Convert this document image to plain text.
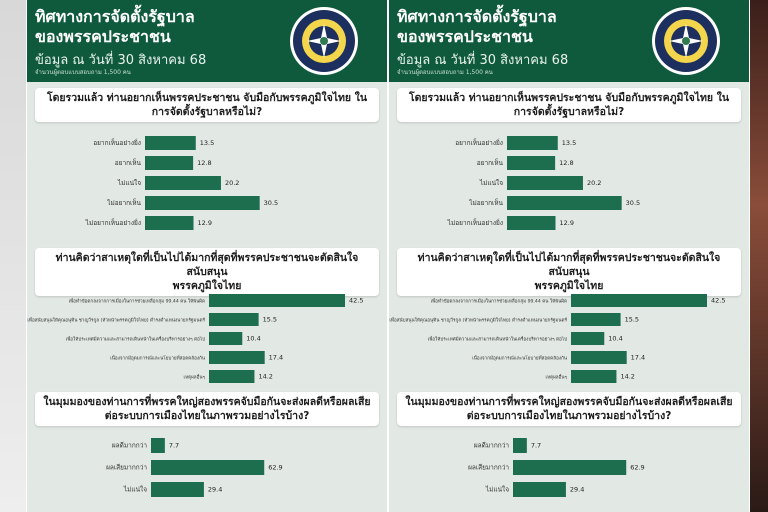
ทิศทางการจัดตั้งรัฐบาล
ของพรรคประชาชน
ข้อมูล ณ วันที่ 30 สิงหาคม 68
จำนวนผู้ตอบแบบสอบถาม 1,500 คน
โดยรวมแล้ว ท่านอยากเห็นพรรคประชาชน จับมือกับพรรคภูมิใจไทย ใน
การจัดตั้งรัฐบาลหรือไม่?
อยากเห็นอย่างยิ่ง	13.5
อยากเห็น	12.8
ไม่แน่ใจ	20.2
ไม่อยากเห็น	30.5
ไม่อยากเห็นอย่างยิ่ง	12.9
ท่านคิดว่าสาเหตุใดที่เป็นไปได้มากที่สุดที่พรรคประชาชนจะตัดสินใจสนับสนุน
พรรคภูมิใจไทย
เพื่อทำข้อตกลงจากการเมืองในการช่วยเหลือกลุ่ม 99.44 คน ให้พ้นผิด	42.5
เพื่อสนับสนุนให้คุณอนุทิน ชาญวีรกูล (หัวหน้าพรรคภูมิใจไทย) ดำรงตำแหน่งนายกรัฐมนตรี	15.5
เพื่อให้ประเทศมีความและสามารถเดินหน้าในเครื่องบริหารอย่างๆ ต่อไป	10.4
เนื่องจากมีอุดมการณ์และนโยบายที่สอดคล้องกัน	17.4
เหตุผลอื่นๆ	14.2
ในมุมมองของท่านการที่พรรคใหญ่สองพรรคจับมือกันจะส่งผลดีหรือผลเสีย
ต่อระบบการเมืองไทยในภาพรวมอย่างไรบ้าง?
ผลดีมากกว่า	7.7
ผลเสียมากกว่า	62.9
ไม่แน่ใจ	29.4
ทิศทางการจัดตั้งรัฐบาล
ของพรรคประชาชน
ข้อมูล ณ วันที่ 30 สิงหาคม 68
จำนวนผู้ตอบแบบสอบถาม 1,500 คน
โดยรวมแล้ว ท่านอยากเห็นพรรคประชาชน จับมือกับพรรคภูมิใจไทย ใน
การจัดตั้งรัฐบาลหรือไม่?
อยากเห็นอย่างยิ่ง	13.5
อยากเห็น	12.8
ไม่แน่ใจ	20.2
ไม่อยากเห็น	30.5
ไม่อยากเห็นอย่างยิ่ง	12.9
ท่านคิดว่าสาเหตุใดที่เป็นไปได้มากที่สุดที่พรรคประชาชนจะตัดสินใจสนับสนุน
พรรคภูมิใจไทย
เพื่อทำข้อตกลงจากการเมืองในการช่วยเหลือกลุ่ม 99.44 คน ให้พ้นผิด	42.5
เพื่อสนับสนุนให้คุณอนุทิน ชาญวีรกูล (หัวหน้าพรรคภูมิใจไทย) ดำรงตำแหน่งนายกรัฐมนตรี	15.5
เพื่อให้ประเทศมีความและสามารถเดินหน้าในเครื่องบริหารอย่างๆ ต่อไป	10.4
เนื่องจากมีอุดมการณ์และนโยบายที่สอดคล้องกัน	17.4
เหตุผลอื่นๆ	14.2
ในมุมมองของท่านการที่พรรคใหญ่สองพรรคจับมือกันจะส่งผลดีหรือผลเสีย
ต่อระบบการเมืองไทยในภาพรวมอย่างไรบ้าง?
ผลดีมากกว่า	7.7
ผลเสียมากกว่า	62.9
ไม่แน่ใจ	29.4
